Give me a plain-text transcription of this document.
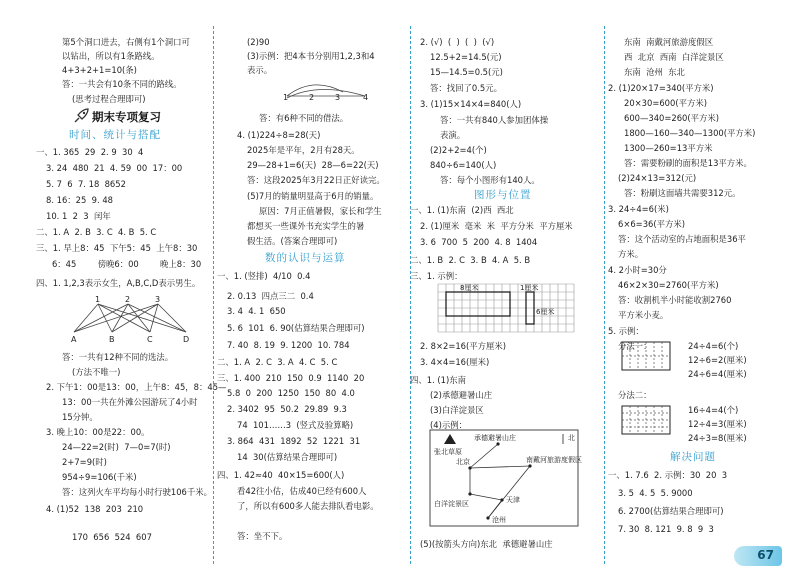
第5个洞口进去，右侧有1个洞口可
以钻出，所以有1条路线。
4+3+2+1=10(条)
答：一共会有10条不同的路线。
(思考过程合理即可)
期末专项复习
时间、统计与搭配
一、1. 365  29  2. 9  30  4
3. 24  480  21  4. 59  00  17：00
5. 7  6  7. 18  8652
8. 16：25  9. 48
10. 1  2  3  闰年
二、1. A  2. B  3. C  4. B  5. C
三、1. 早上8：45  下午5：45  上午8：30
6：45        傍晚6：00        晚上8：30
四、1. 1,2,3表示女生，A,B,C,D表示男生。
1	2	3
A	B	C	D
答：一共有12种不同的选法。
(方法不唯一)
2. 下午1：00是13：00，上午8：45，8：45—
13：00一共在外滩公园游玩了4小时
15分钟。
3. 晚上10：00是22：00。
24—22=2(时)  7—0=7(时)
2+7=9(时)
954÷9=106(千米)
答：这列火车平均每小时行驶106千米。
4. (1)52  138  203  210
170  656  524  607
(2)90
(3)示例：把4本书分别用1,2,3和4
表示。
1	2	3	4
答：有6种不同的借法。
4. (1)224÷8=28(天)
2025年是平年，2月有28天。
29—28+1=6(天)  28—6=22(天)
答：这段2025年3月22日正好读完。
(5)7月的销量明显高于6月的销量。
原因：7月正值暑假，家长和学生
都想买一些课外书充实学生的暑
假生活。(答案合理即可)
数的认识与运算
一、1. (竖排)  4/10  0.4
2. 0.13  四点三二  0.4
3. 4  4. 1  650
5. 6  101  6. 90(估算结果合理即可)
7. 40  8. 19  9. 1200  10. 784
二、1. A  2. C  3. A  4. C  5. C
三、1. 400  210  150  0.9  1140  20
5.8  0  200  1250  150  80  4.0
2. 3402  95  50.2  29.89  9.3
74  101……3  (竖式及验算略)
3. 864  431  1892  52  1221  31
14  30(估算结果合理即可)
四、1. 42≈40  40×15=600(人)
看42往小估，估成40已经有600人
了，所以有600多人能去排队看电影。
答：坐不下。
2. (√)  (  )  (  )  (√)
12.5+2=14.5(元)
15—14.5=0.5(元)
答：找回了0.5元。
3. (1)15×14×4=840(人)
答：一共有840人参加团体操
表演。
(2)2+2=4(个)
840÷6=140(人)
答：每个小图形有140人。
图形与位置
一、1. (1)东南  (2)西  西北
2. (1)厘米  毫米  米  平方分米  平方厘米
3. 6  700  5  200  4. 8  1404
二、1. B  2. C  3. B  4. A  5. B
三、1. 示例：
8厘米
6厘米
1厘米
2. 8×2=16(平方厘米)
3. 4×4=16(厘米)
四、1. (1)东南
(2)承德避暑山庄
(3)白洋淀景区
(4)示例：
北
张北草原
承德避暑山庄
北京	南戴河旅游度假区
天津
白洋淀景区
沧州
(5)(按箭头方向)东北  承德避暑山庄
东南  南戴河旅游度假区
西  北京  西南  白洋淀景区
东南  沧州  东北
2. (1)20×17=340(平方米)
20×30=600(平方米)
600—340=260(平方米)
1800—160—340—1300(平方米)
1300—260=13平方米
答：需要粉刷的面积是13平方米。
(2)24×13=312(元)
答：粉刷这面墙共需要312元。
3. 24÷4=6(米)
6×6=36(平方米)
答：这个活动室的占地面积是36平
方米。
4. 2小时=30分
46×2×30=2760(平方米)
答：收割机半小时能收割2760
平方米小麦。
5. 示例：
分法一：	24÷4=6(个)
12÷6=2(厘米)
24÷6=4(厘米)
分法二：
16÷4=4(个)
12÷4=3(厘米)
24÷3=8(厘米)
解决问题
一、1. 7.6  2. 示例：30  20  3
3. 5  4. 5  5. 9000
6. 2700(估算结果合理即可)
7. 30  8. 121  9. 8  9  3
67
